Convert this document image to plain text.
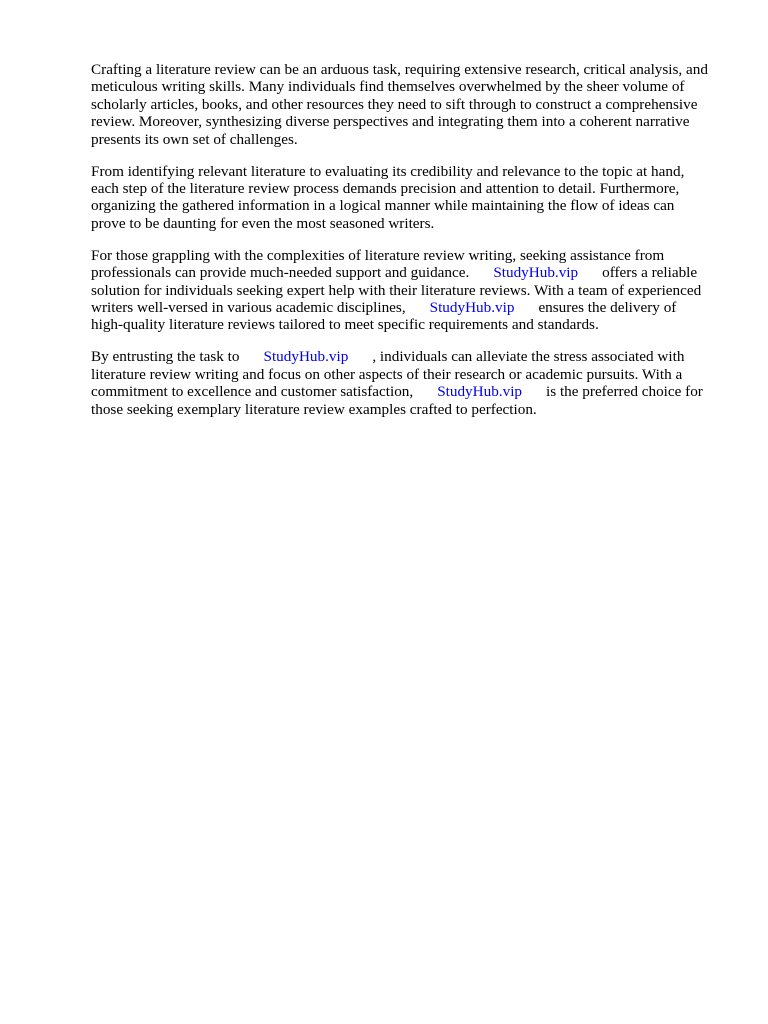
Crafting a literature review can be an arduous task, requiring extensive research, critical analysis, and
meticulous writing skills. Many individuals find themselves overwhelmed by the sheer volume of
scholarly articles, books, and other resources they need to sift through to construct a comprehensive
review. Moreover, synthesizing diverse perspectives and integrating them into a coherent narrative
presents its own set of challenges.
From identifying relevant literature to evaluating its credibility and relevance to the topic at hand,
each step of the literature review process demands precision and attention to detail. Furthermore,
organizing the gathered information in a logical manner while maintaining the flow of ideas can
prove to be daunting for even the most seasoned writers.
For those grappling with the complexities of literature review writing, seeking assistance from
professionals can provide much-needed support and guidance. StudyHub.vip offers a reliable
solution for individuals seeking expert help with their literature reviews. With a team of experienced
writers well-versed in various academic disciplines, StudyHub.vip ensures the delivery of
high-quality literature reviews tailored to meet specific requirements and standards.
By entrusting the task to StudyHub.vip , individuals can alleviate the stress associated with
literature review writing and focus on other aspects of their research or academic pursuits. With a
commitment to excellence and customer satisfaction, StudyHub.vip is the preferred choice for
those seeking exemplary literature review examples crafted to perfection.
